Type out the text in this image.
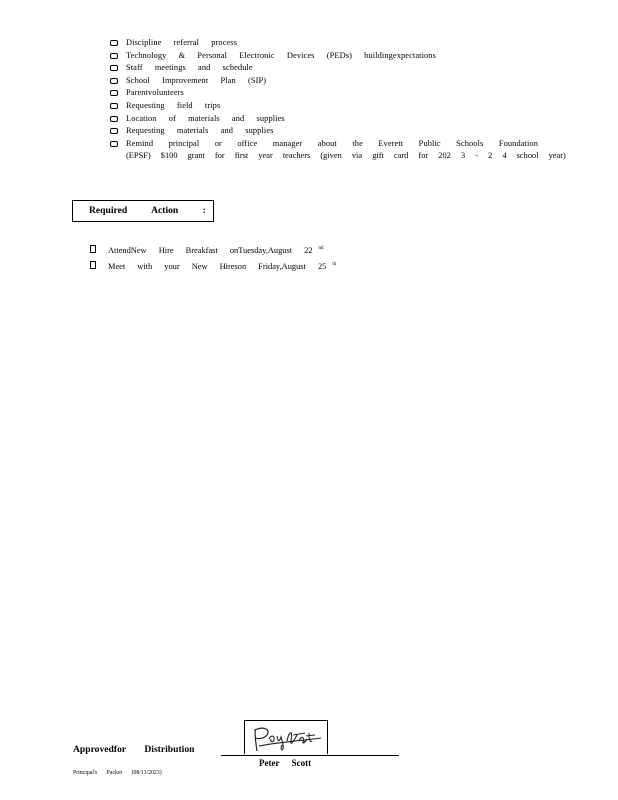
Discipline referral process
Technology & Personal Electronic Devices (PEDs) buildingexpectations
Staff meetings and schedule
School Improvement Plan (SIP)
Parentvolunteers
Requesting field trips
Location of materials and supplies
Requesting materials and supplies
Remind principal or office manager about the Everett Public Schools Foundation
(EPSF) $100 grant for first year teachers (given via gift card for 202 3 - 2 4 school year)
Required Action :
AttendNew Hire Breakfast onTuesday,August 22 $^{nd}$
Meet with your New Hireson Friday,August 25 $^{th}$
Approvedfor Distribution
Peter Scott
Principal's Packet (08/11/2023)
